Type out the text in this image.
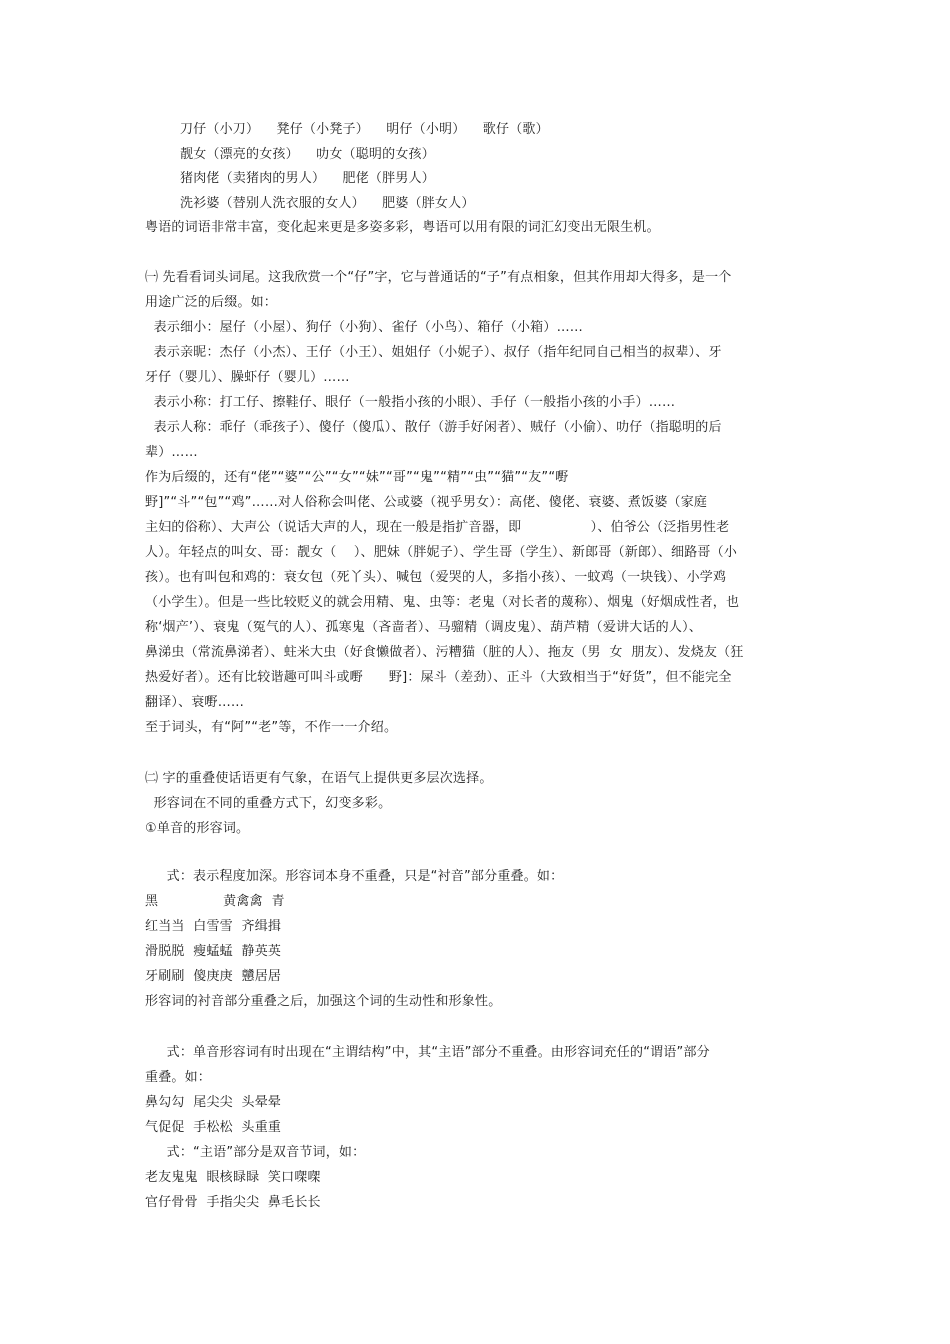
刀仔（小刀）    凳仔（小凳子）    明仔（小明）    歌仔（歌）
靓女（漂亮的女孩）    叻女（聪明的女孩）
猪肉佬（卖猪肉的男人）    肥佬（胖男人）
洗衫婆（替别人洗衣服的女人）    肥婆（胖女人）
粤语的词语非常丰富，变化起来更是多姿多彩，粤语可以用有限的词汇幻变出无限生机。
㈠ 先看看词头词尾。这我欣赏一个“仔”字，它与普通话的“子”有点相象，但其作用却大得多，是一个
用途广泛的后缀。如：
表示细小：屋仔（小屋）、狗仔（小狗）、雀仔（小鸟）、箱仔（小箱）……
表示亲昵：杰仔（小杰）、王仔（小王）、姐姐仔（小妮子）、叔仔（指年纪同自己相当的叔辈）、牙
牙仔（婴儿）、臊虾仔（婴儿）……
表示小称：打工仔、擦鞋仔、眼仔（一般指小孩的小眼）、手仔（一般指小孩的小手）……
表示人称：乖仔（乖孩子）、傻仔（傻瓜）、散仔（游手好闲者）、贼仔（小偷）、叻仔（指聪明的后
辈）……
作为后缀的，还有“佬”“婆”“公”“女”“妹”“哥”“鬼”“精”“虫”“猫”“友”“嘢
野]”“斗”“包”“鸡”……对人俗称会叫佬、公或婆（视乎男女）：高佬、傻佬、衰婆、煮饭婆（家庭
主妇的俗称）、大声公（说话大声的人，现在一般是指扩音器，即                ）、伯爷公（泛指男性老
人）。年轻点的叫女、哥：靓女（    ）、肥妹（胖妮子）、学生哥（学生）、新郎哥（新郎）、细路哥（小
孩）。也有叫包和鸡的：衰女包（死丫头）、喊包（爱哭的人，多指小孩）、一蚊鸡（一块钱）、小学鸡
（小学生）。但是一些比较贬义的就会用精、鬼、虫等：老鬼（对长者的蔑称）、烟鬼（好烟成性者，也
称‘烟产’）、衰鬼（冤气的人）、孤寒鬼（吝啬者）、马骝精（调皮鬼）、葫芦精（爱讲大话的人）、
鼻涕虫（常流鼻涕者）、蛀米大虫（好食懒做者）、污糟猫（脏的人）、拖友（男  女  朋友）、发烧友（狂
热爱好者）。还有比较谐趣可叫斗或嘢      野]：屎斗（差劲）、正斗（大致相当于“好货”，但不能完全
翻译）、衰嘢……
至于词头，有“阿”“老”等，不作一一介绍。
㈡ 字的重叠使话语更有气象，在语气上提供更多层次选择。
形容词在不同的重叠方式下，幻变多彩。
①单音的形容词。
式：表示程度加深。形容词本身不重叠，只是“衬音”部分重叠。如：
黑               黄禽禽  青
红当当  白雪雪  齐缉揖
滑脱脱  瘦蜢蜢  静英英
牙刷刷  傻庚庚  戇居居
形容词的衬音部分重叠之后，加强这个词的生动性和形象性。
式：单音形容词有时出现在“主谓结构”中，其“主语”部分不重叠。由形容词充任的“谓语”部分
重叠。如：
鼻勾勾  尾尖尖  头晕晕
气促促  手松松  头重重
式：“主语”部分是双音节词，如：
老友鬼鬼  眼核睩睩  笑口㗎㗎
官仔骨骨  手指尖尖  鼻毛长长
